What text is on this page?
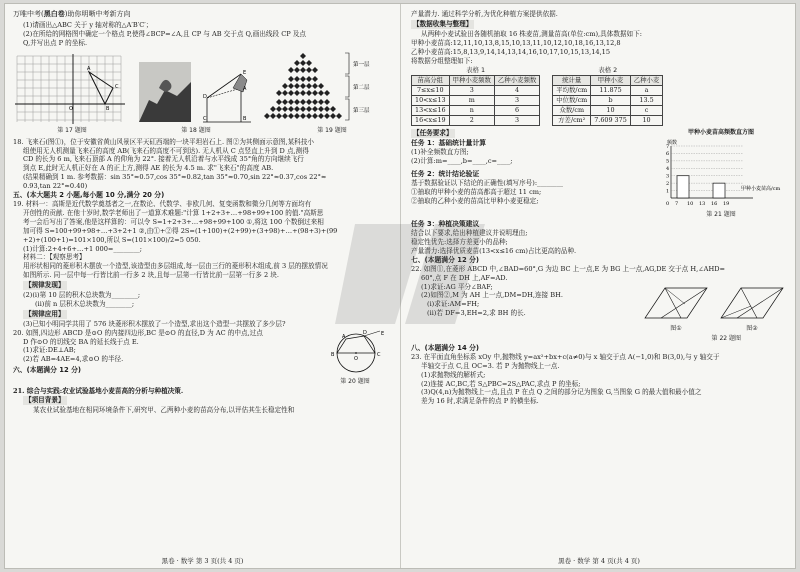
万唯中考(黑白卷)助你明晰中考新方向
(1)请画出△ABC 关于 y 轴对称的△A′B′C′；
(2)在所给的网格图中确定一个格点 P,使得∠BCP=∠A,且 CP 与 AB 交于点 Q,画出线段 CP 及点
Q,并写出点 P 的坐标.
A
B
C
O
第 17 题图
D
C
E
A
B
第 18 题图
第一层
第二层
第三层
第 19 题图
18. 飞来石(图①)，位于安徽省黄山风景区平天矼西端的一块平坦岩石上. 图②为其侧面示意图,某科技小
组使用无人机测量飞来石的高度 AB(飞来石的高度不可到达). 无人机从 C 点竖直上升到 D 点,测得
CD 的长为 6 m,飞来石顶部 A 的仰角为 22°. 接着无人机沿着与水平线成 35°角的方向继续飞行
到点 E,此时无人机正好在 A 的正上方,测得 AE 的长为 4.5 m. 求"飞来石"的高度 AB.
(结果精确到 1 m. 参考数据：sin 35°≈0.57,cos 35°≈0.82,tan 35°≈0.70,sin 22°≈0.37,cos 22°≈
0.93,tan 22°≈0.40)
五、(本大题共 2 小题,每小题 10 分,满分 20 分)
19. 材料一：高斯是近代数学奠基者之一,在数论、代数学、非欧几何、复变函数和微分几何等方面均有
开创性的贡献. 在他十岁时,数学老师出了一道算术难题:"计算 1+2+3+…+98+99+100 的值."高斯思
考一会后写出了答案,他是这样算的：可以令 S=1+2+3+…+98+99+100 ①,将这 100 个数倒过来相
加可得 S=100+99+98+…+3+2+1 ②,由①+②得 2S=(1+100)+(2+99)+(3+98)+…+(98+3)+(99
+2)+(100+1)=101×100,所以 S=(101×100)/2=5 050.
(1)计算:2+4+6+…+1 000=________;
材料二：【观察思考】
用形状相同的菱形积木摆放一个造型,该造型由多层组成,每一层由三行的菱形积木组成,前 3 层的摆放情况
如图所示. 同一层中每一行皆比前一行多 2 块,且每一层第一行皆比前一层第一行多 2 块.
【规律发现】
(2)(ⅰ)第 10 层的积木总块数为________;
(ⅱ)前 n 层积木总块数为________;
【规律应用】
(3)已知小明同学共用了 576 块菱形积木摆放了一个造型,求出这个造型一共摆放了多少层?
20. 如图,四边形 ABCD 是⊙O 的内接四边形,BC 是⊙O 的直径,D 为 AC 的中点,过点
D 作⊙O 的切线交 BA 的延长线于点 E.
(1)求证:DE⊥AB;
(2)若 AB=4AE=4,求⊙O 的半径.
六、(本题满分 12 分)
B	C
D
A	E
O
第 20 题图
21. 综合与实践:农业试验基地小麦苗高的分析与种植决策.
【项目背景】
某农业试验基地在相同环境条件下,研究甲、乙两种小麦的苗高分布,以评估其生长稳定性和
黑卷 · 数学 第 3 页(共 4 页)
产量潜力. 通过科学分析,为优化种植方案提供依据.
【数据收集与整理】
从两种小麦试验田各随机抽取 16 株麦苗,测量苗高(单位:cm),具体数据如下:
甲种小麦苗高:12,11,10,13,8,15,10,13,11,10,12,10,18,16,13,12,8
乙种小麦苗高:15,8,13,9,14,14,13,14,16,10,17,10,15,13,14,15
将数据分组整理如下:
表格 1
苗高分组	甲种小麦频数	乙种小麦频数
7≤x≤10	3	4
10<x≤13	m	3
13<x≤16	n	6
16<x≤19	2	3
表格 2
统计量	甲种小麦	乙种小麦
平均数/cm	11.875	a
中位数/cm	b	13.5
众数/cm	10	c
方差/cm²	7.609 375	10
【任务要求】
任务 1：基础统计量计算
(1)补全频数直方图;
(2)计算:m=____,b=____,c=____;
任务 2：统计结论验证
基于数据验证以下结论的正确性(填写序号):________
①抽取的甲种小麦的苗高都高于超过 11 cm;
②抽取的乙种小麦的苗高比甲种小麦更稳定;
甲种小麦苗高频数直方图
频数
7
6
5
4
3
2
1
0 7 10 13 16 19
甲种小麦苗高/cm
第 21 题图
任务 3：种植决策建议
结合以下要求,给出种植建议并说明理由;
稳定性优先:选择方差更小的品种;
产量潜力:选择优质麦苗(13<x≤16 cm)占比更高的品种.
七、(本题满分 12 分)
22. 如图①,在菱形 ABCD 中,∠BAD=60°,G 为边 BC 上一点,E 为 BG 上一点,AG,DE 交于点 H,∠AHD=
60°,点 F 在 DH 上,AF=AD.
(1)求证:AG 平分∠BAF;
(2)如图②,M 为 AH 上一点,DM=DH,连接 BH.
(ⅰ)求证:AM=FH;
(ⅱ)若 DF=3,EH=2,求 BH 的长.
图①	图②
第 22 题图
八、(本题满分 14 分)
23. 在平面直角坐标系 xOy 中,抛物线 y=ax²+bx+c(a≠0)与 x 轴交于点 A(−1,0)和 B(3,0),与 y 轴交于
半轴交于点 C,且 OC=3. 若 P 为抛物线上一点.
(1)求抛物线的解析式;
(2)连接 AC,BC,若 S△PBC=2S△PAC,求点 P 的坐标;
(3)Q(4,n)为抛物线上一点,且点 P 在点 Q 之间的部分记为图象 G,当图象 G 的最大值和最小值之
差为 16 时,求满足条件的点 P 的横坐标.
黑卷 · 数学 第 4 页(共 4 页)
